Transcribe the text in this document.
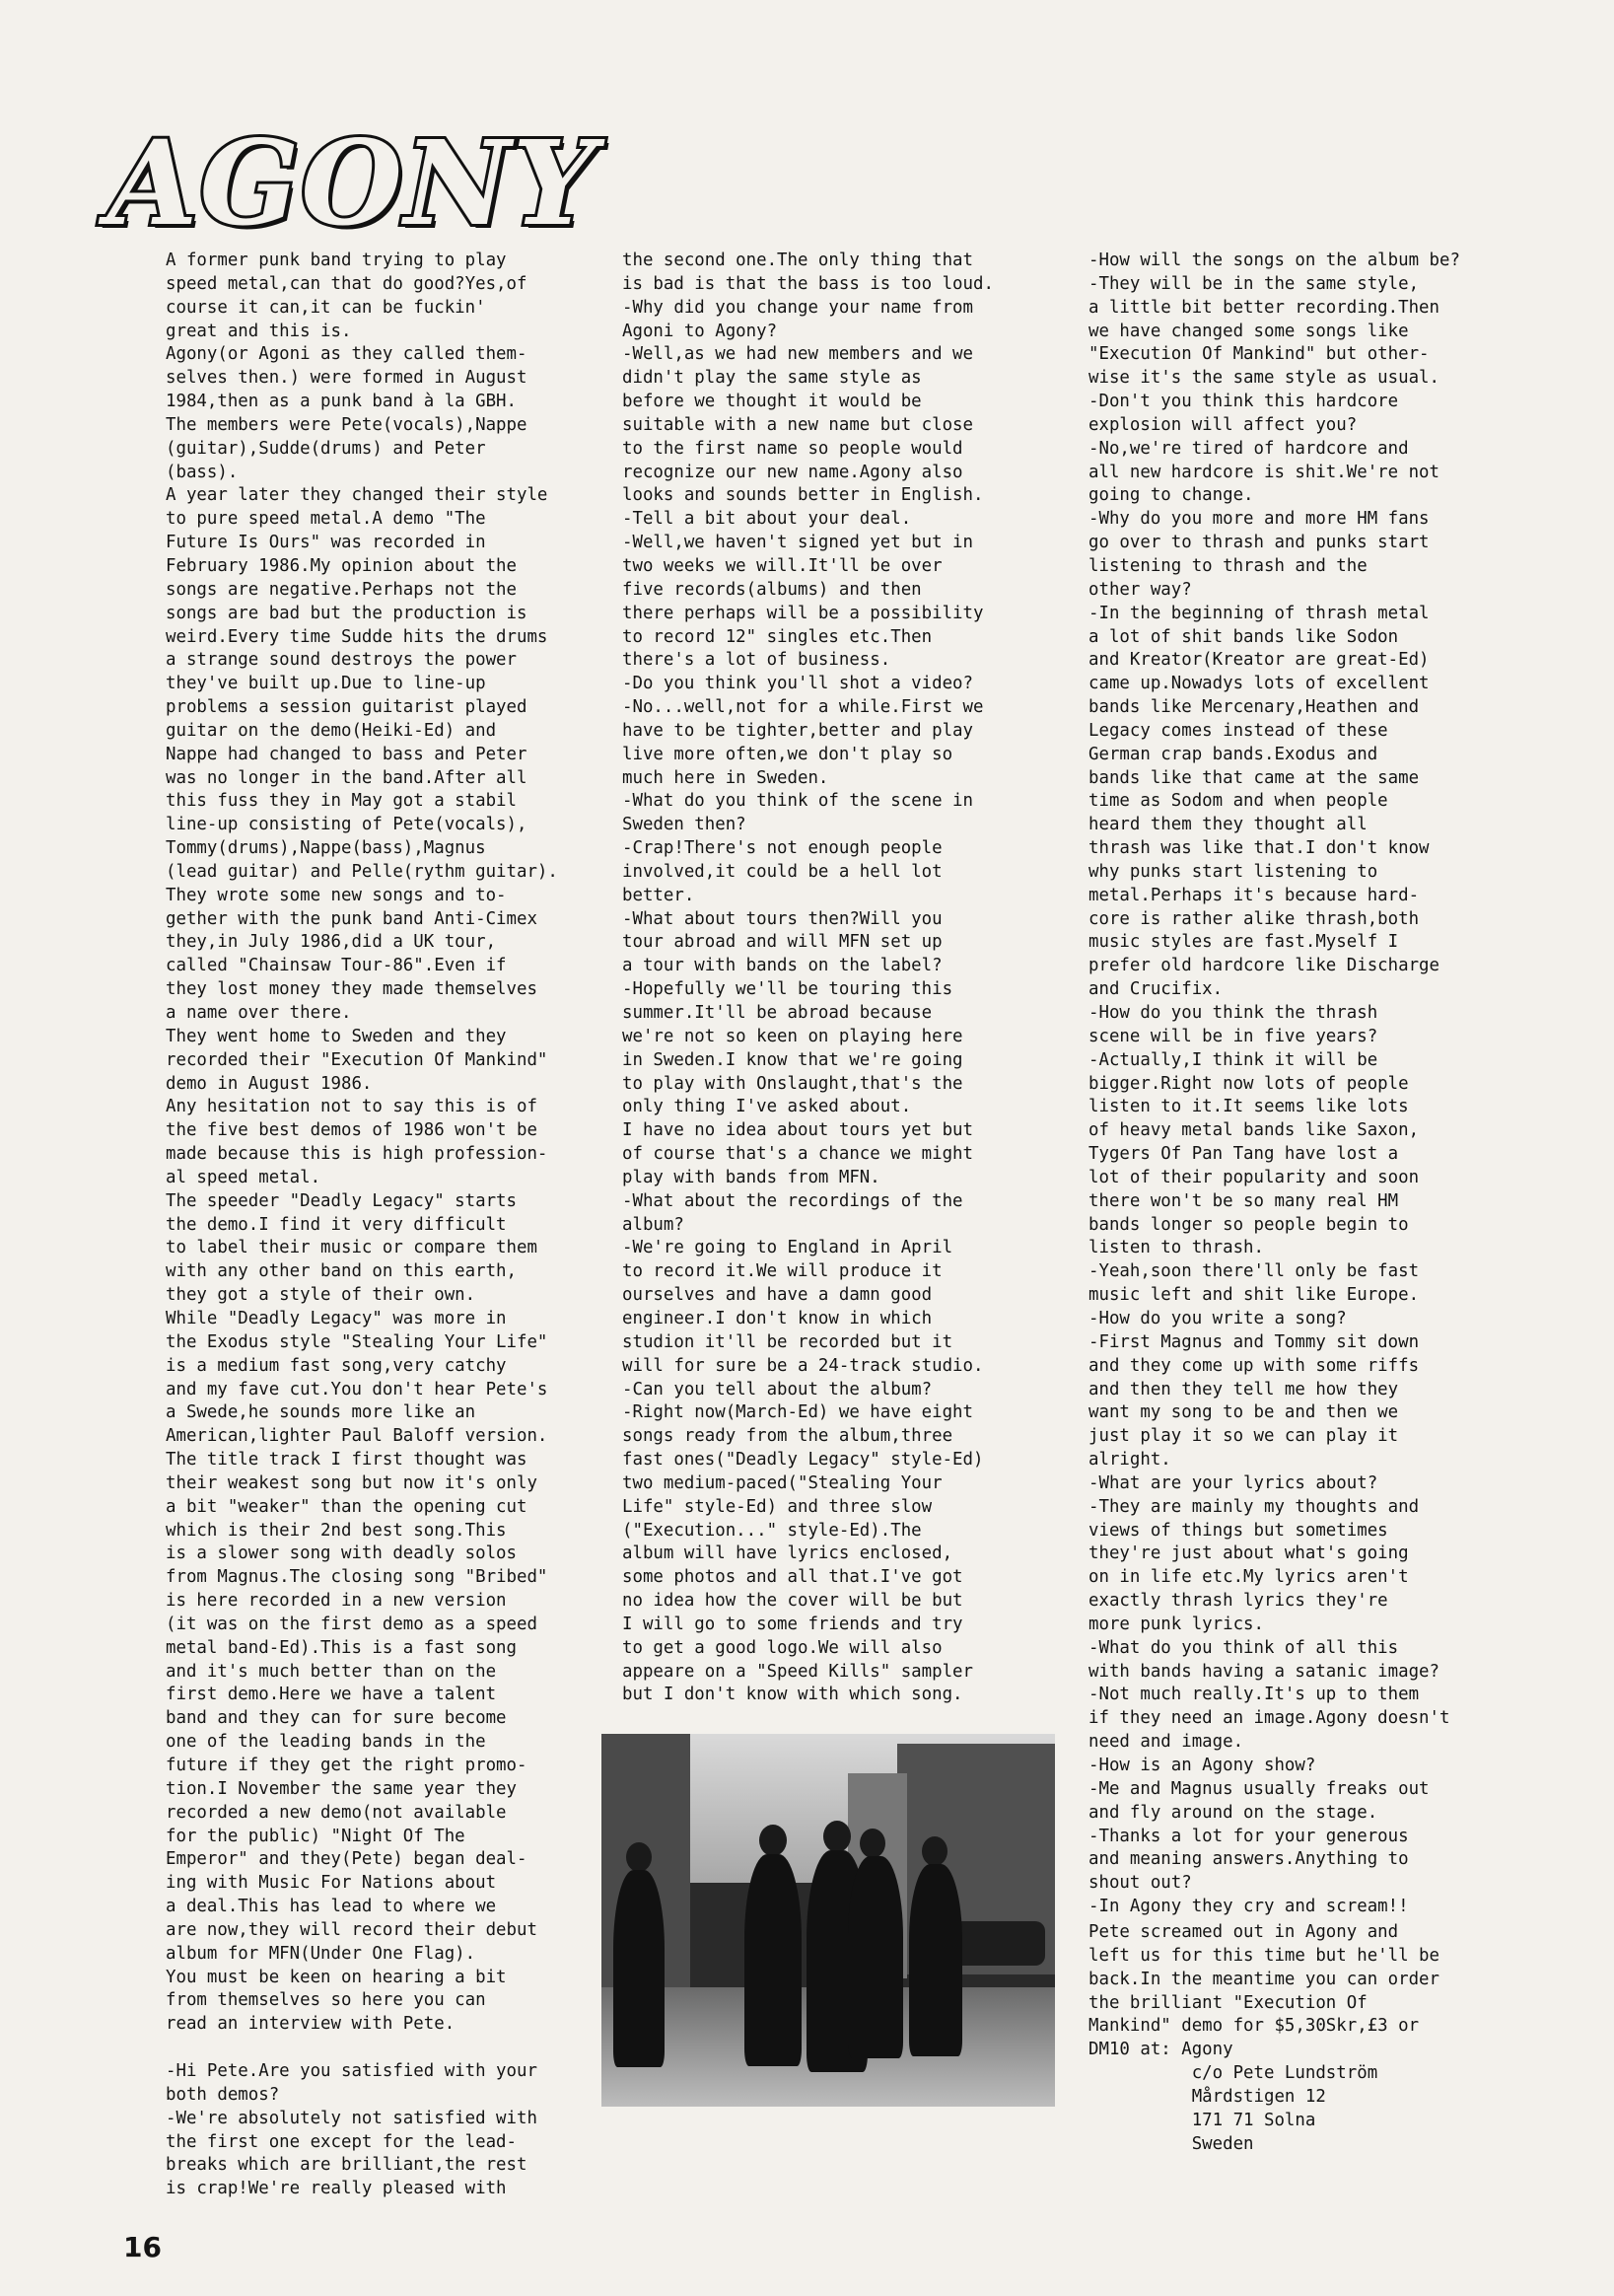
AGONY
A former punk band trying to play
speed metal,can that do good?Yes,of
course it can,it can be fuckin'
great and this is.
Agony(or Agoni as they called them-
selves then.) were formed in August
1984,then as a punk band à la GBH.
The members were Pete(vocals),Nappe
(guitar),Sudde(drums) and Peter
(bass).
A year later they changed their style
to pure speed metal.A demo "The
Future Is Ours" was recorded in
February 1986.My opinion about the
songs are negative.Perhaps not the
songs are bad but the production is
weird.Every time Sudde hits the drums
a strange sound destroys the power
they've built up.Due to line-up
problems a session guitarist played
guitar on the demo(Heiki-Ed) and
Nappe had changed to bass and Peter
was no longer in the band.After all
this fuss they in May got a stabil
line-up consisting of Pete(vocals),
Tommy(drums),Nappe(bass),Magnus
(lead guitar) and Pelle(rythm guitar).
They wrote some new songs and to-
gether with the punk band Anti-Cimex
they,in July 1986,did a UK tour,
called "Chainsaw Tour-86".Even if
they lost money they made themselves
a name over there.
They went home to Sweden and they
recorded their "Execution Of Mankind"
demo in August 1986.
Any hesitation not to say this is of
the five best demos of 1986 won't be
made because this is high profession-
al speed metal.
The speeder "Deadly Legacy" starts
the demo.I find it very difficult
to label their music or compare them
with any other band on this earth,
they got a style of their own.
While "Deadly Legacy" was more in
the Exodus style "Stealing Your Life"
is a medium fast song,very catchy
and my fave cut.You don't hear Pete's
a Swede,he sounds more like an
American,lighter Paul Baloff version.
The title track I first thought was
their weakest song but now it's only
a bit "weaker" than the opening cut
which is their 2nd best song.This
is a slower song with deadly solos
from Magnus.The closing song "Bribed"
is here recorded in a new version
(it was on the first demo as a speed
metal band-Ed).This is a fast song
and it's much better than on the
first demo.Here we have a talent
band and they can for sure become
one of the leading bands in the
future if they get the right promo-
tion.I November the same year they
recorded a new demo(not available
for the public) "Night Of The
Emperor" and they(Pete) began deal-
ing with Music For Nations about
a deal.This has lead to where we
are now,they will record their debut
album for MFN(Under One Flag).
You must be keen on hearing a bit
from themselves so here you can
read an interview with Pete.

-Hi Pete.Are you satisfied with your
both demos?
-We're absolutely not satisfied with
the first one except for the lead-
breaks which are brilliant,the rest
is crap!We're really pleased with
the second one.The only thing that
is bad is that the bass is too loud.
-Why did you change your name from
Agoni to Agony?
-Well,as we had new members and we
didn't play the same style as
before we thought it would be
suitable with a new name but close
to the first name so people would
recognize our new name.Agony also
looks and sounds better in English.
-Tell a bit about your deal.
-Well,we haven't signed yet but in
two weeks we will.It'll be over
five records(albums) and then
there perhaps will be a possibility
to record 12" singles etc.Then
there's a lot of business.
-Do you think you'll shot a video?
-No...well,not for a while.First we
have to be tighter,better and play
live more often,we don't play so
much here in Sweden.
-What do you think of the scene in
Sweden then?
-Crap!There's not enough people
involved,it could be a hell lot
better.
-What about tours then?Will you
tour abroad and will MFN set up
a tour with bands on the label?
-Hopefully we'll be touring this
summer.It'll be abroad because
we're not so keen on playing here
in Sweden.I know that we're going
to play with Onslaught,that's the
only thing I've asked about.
I have no idea about tours yet but
of course that's a chance we might
play with bands from MFN.
-What about the recordings of the
album?
-We're going to England in April
to record it.We will produce it
ourselves and have a damn good
engineer.I don't know in which
studion it'll be recorded but it
will for sure be a 24-track studio.
-Can you tell about the album?
-Right now(March-Ed) we have eight
songs ready from the album,three
fast ones("Deadly Legacy" style-Ed)
two medium-paced("Stealing Your
Life" style-Ed) and three slow
("Execution..." style-Ed).The
album will have lyrics enclosed,
some photos and all that.I've got
no idea how the cover will be but
I will go to some friends and try
to get a good logo.We will also
appeare on a "Speed Kills" sampler
but I don't know with which song.
-How will the songs on the album be?
-They will be in the same style,
a little bit better recording.Then
we have changed some songs like
"Execution Of Mankind" but other-
wise it's the same style as usual.
-Don't you think this hardcore
explosion will affect you?
-No,we're tired of hardcore and
all new hardcore is shit.We're not
going to change.
-Why do you more and more HM fans
go over to thrash and punks start
listening to thrash and the
other way?
-In the beginning of thrash metal
a lot of shit bands like Sodon
and Kreator(Kreator are great-Ed)
came up.Nowadys lots of excellent
bands like Mercenary,Heathen and
Legacy comes instead of these
German crap bands.Exodus and
bands like that came at the same
time as Sodom and when people
heard them they thought all
thrash was like that.I don't know
why punks start listening to
metal.Perhaps it's because hard-
core is rather alike thrash,both
music styles are fast.Myself I
prefer old hardcore like Discharge
and Crucifix.
-How do you think the thrash
scene will be in five years?
-Actually,I think it will be
bigger.Right now lots of people
listen to it.It seems like lots
of heavy metal bands like Saxon,
Tygers Of Pan Tang have lost a
lot of their popularity and soon
there won't be so many real HM
bands longer so people begin to
listen to thrash.
-Yeah,soon there'll only be fast
music left and shit like Europe.
-How do you write a song?
-First Magnus and Tommy sit down
and they come up with some riffs
and then they tell me how they
want my song to be and then we
just play it so we can play it
alright.
-What are your lyrics about?
-They are mainly my thoughts and
views of things but sometimes
they're just about what's going
on in life etc.My lyrics aren't
exactly thrash lyrics they're
more punk lyrics.
-What do you think of all this
with bands having a satanic image?
-Not much really.It's up to them
if they need an image.Agony doesn't
need and image.
-How is an Agony show?
-Me and Magnus usually freaks out
and fly around on the stage.
-Thanks a lot for your generous
and meaning answers.Anything to
shout out?
-In Agony they cry and scream!!
Pete screamed out in Agony and
left us for this time but he'll be
back.In the meantime you can order
the brilliant "Execution Of
Mankind" demo for $5,30Skr,£3 or
DM10 at: Agony
c/o Pete Lundström
Mårdstigen 12
171 71 Solna
Sweden
16
